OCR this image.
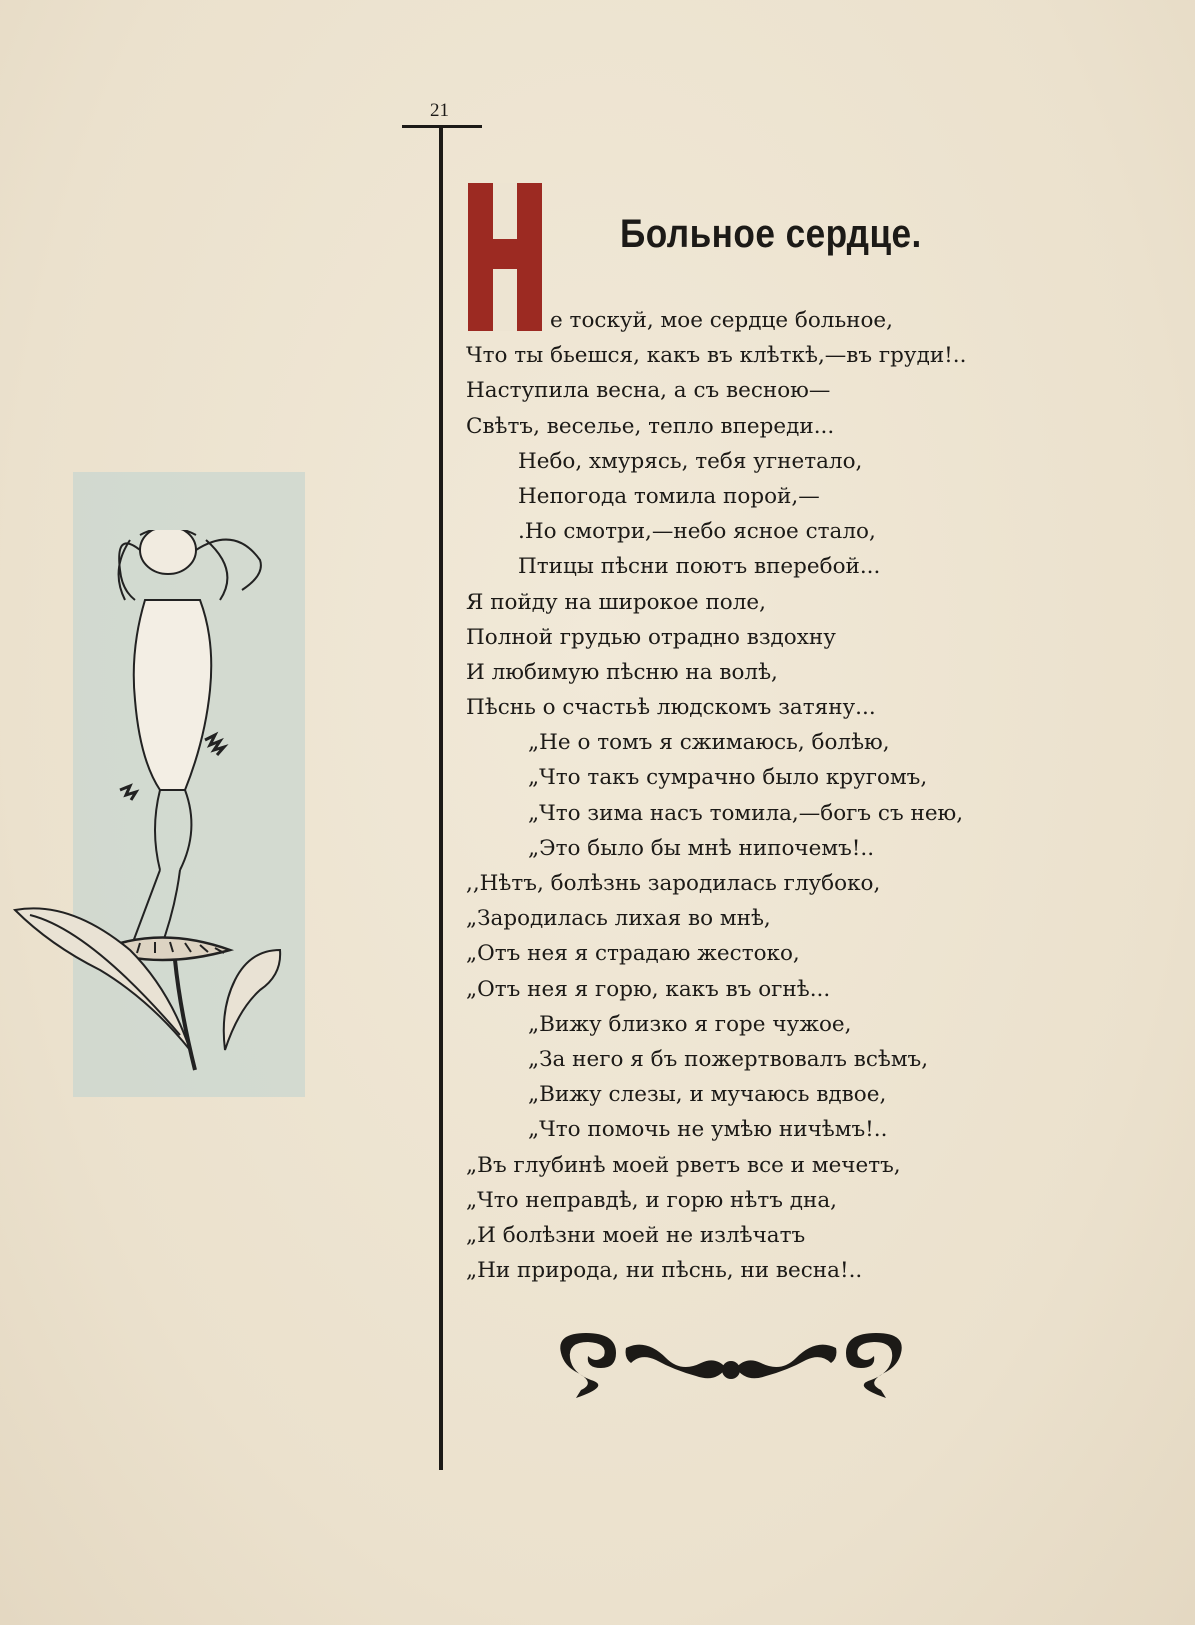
21
Больное сердце.
е тоскуй, мое сердце больное,
Что ты бьешся, какъ въ клѣткѣ,—въ груди!..
Наступила весна, а съ весною—
Свѣтъ, веселье, тепло впереди...
Небо, хмурясь, тебя угнетало,
Непогода томила порой,—
.Но смотри,—небо ясное стало,
Птицы пѣсни поютъ вперебой...
Я пойду на широкое поле,
Полной грудью отрадно вздохну
И любимую пѣсню на волѣ,
Пѣснь о счастьѣ людскомъ затяну...
„Не о томъ я сжимаюсь, болѣю,
„Что такъ сумрачно было кругомъ,
„Что зима насъ томила,—богъ съ нею,
„Это было бы мнѣ нипочемъ!..
,,Нѣтъ, болѣзнь зародилась глубоко,
„Зародилась лихая во мнѣ,
„Отъ нея я страдаю жестоко,
„Отъ нея я горю, какъ въ огнѣ...
„Вижу близко я горе чужое,
„За него я бъ пожертвовалъ всѣмъ,
„Вижу слезы, и мучаюсь вдвое,
„Что помочь не умѣю ничѣмъ!..
„Въ глубинѣ моей рветъ все и мечетъ,
„Что неправдѣ, и горю нѣтъ дна,
„И болѣзни моей не излѣчатъ
„Ни природа, ни пѣснь, ни весна!..
